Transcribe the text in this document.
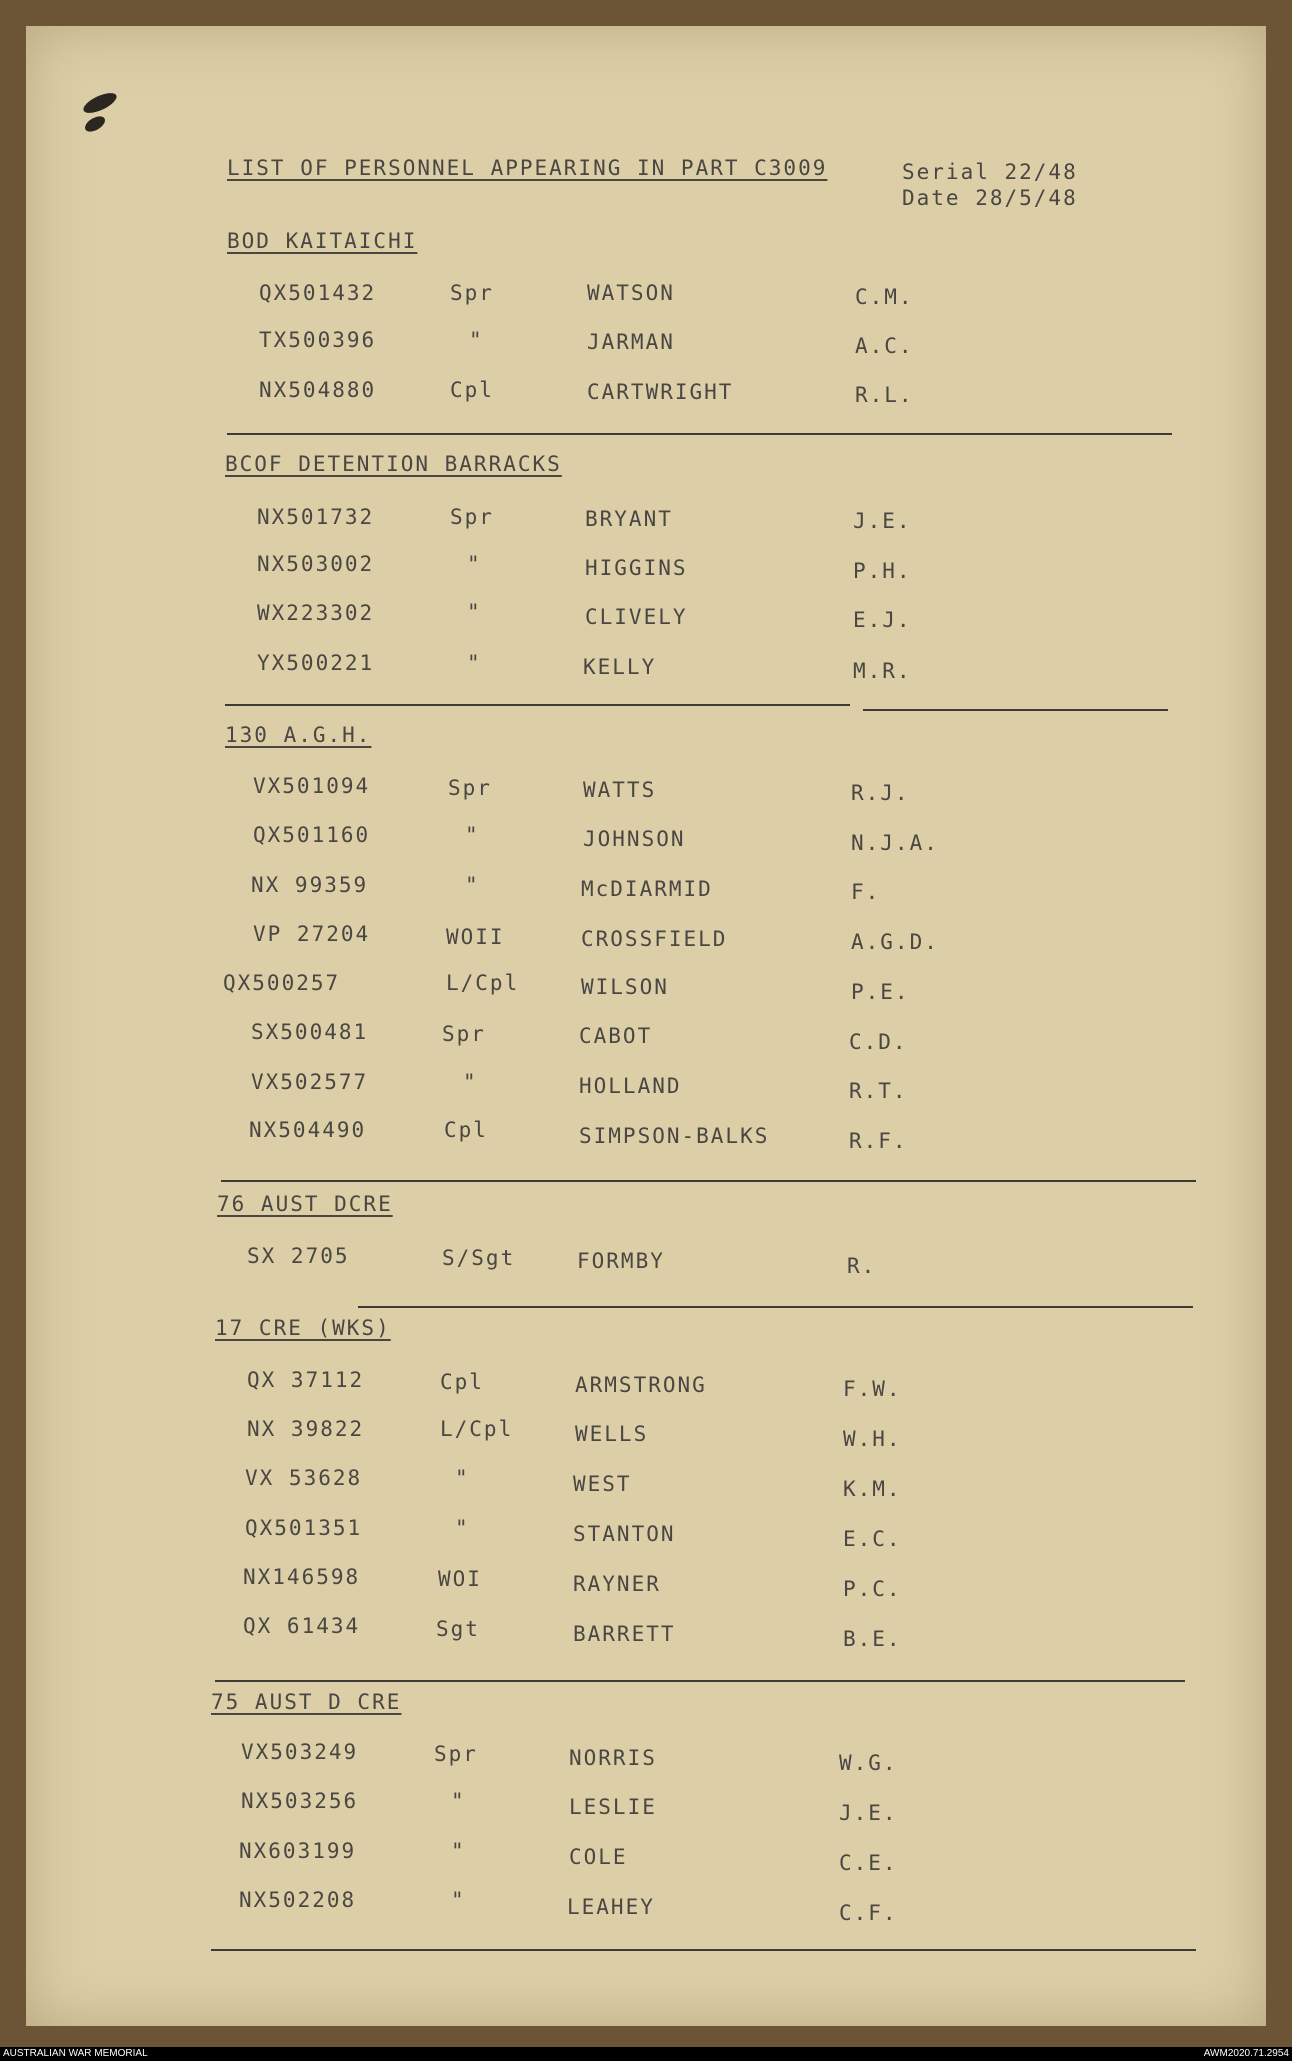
LIST OF PERSONNEL APPEARING IN PART C3009	Serial 22/48
Date 28/5/48
BOD KAITAICHI
QX501432	Spr	WATSON	C.M.
TX500396	"	JARMAN	A.C.
NX504880	Cpl	CARTWRIGHT	R.L.
BCOF DETENTION BARRACKS
NX501732	Spr	BRYANT	J.E.
NX503002	"	HIGGINS	P.H.
WX223302	"	CLIVELY	E.J.
YX500221	"	KELLY	M.R.
130 A.G.H.
VX501094	Spr	WATTS	R.J.
QX501160	"	JOHNSON	N.J.A.
NX 99359	"	McDIARMID	F.
VP 27204	WOII	CROSSFIELD	A.G.D.
QX500257	L/Cpl	WILSON	P.E.
SX500481	Spr	CABOT	C.D.
VX502577	"	HOLLAND	R.T.
NX504490	Cpl	SIMPSON-BALKS	R.F.
76 AUST DCRE
SX 2705	S/Sgt	FORMBY	R.
17 CRE (WKS)
QX 37112	Cpl	ARMSTRONG	F.W.
NX 39822	L/Cpl	WELLS	W.H.
VX 53628	"	WEST	K.M.
QX501351	"	STANTON	E.C.
NX146598	WOI	RAYNER	P.C.
QX 61434	Sgt	BARRETT	B.E.
75 AUST D CRE
VX503249	Spr	NORRIS	W.G.
NX503256	"	LESLIE	J.E.
NX603199	"	COLE	C.E.
NX502208	"	LEAHEY	C.F.
AUSTRALIAN WAR MEMORIAL	AWM2020.71.2954
